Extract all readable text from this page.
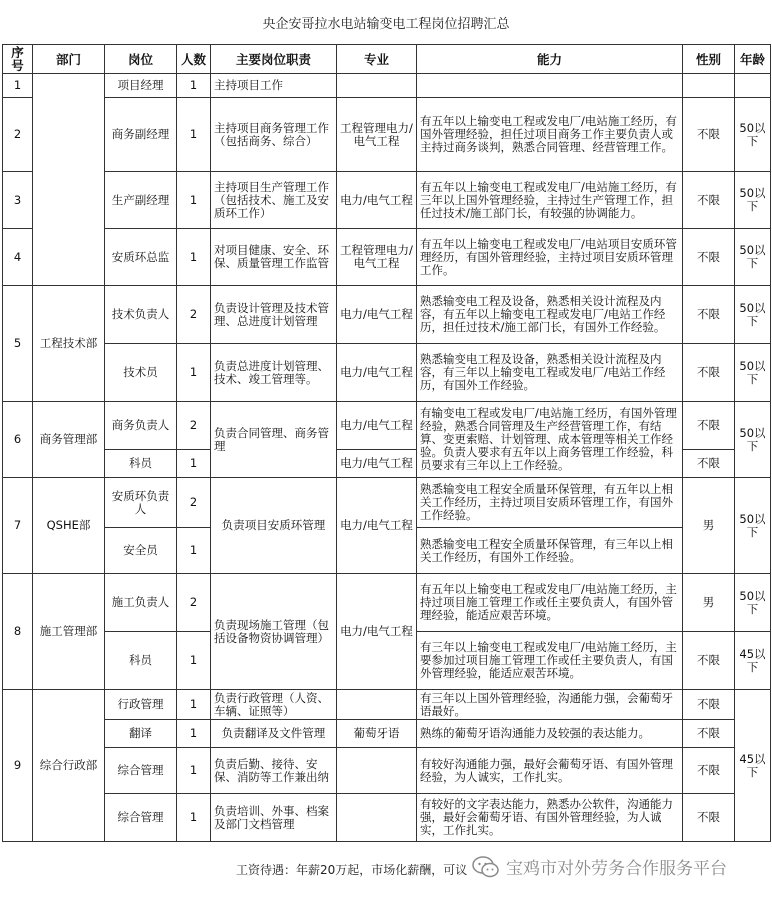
央企安哥拉水电站输变电工程岗位招聘汇总
序号	部门	岗位	人数	主要岗位职责	专业	能力	性别	年龄
1		项目经理	1	主持项目工作				
2		商务副经理	1	主持项目商务管理工作（包括商务、综合）	工程管理电力/电气工程	有五年以上输变电工程或发电厂/电站施工经历，有国外管理经验，担任过项目商务工作主要负责人或主持过商务谈判，熟悉合同管理、经营管理工作。	不限	50以下
3		生产副经理	1	主持项目生产管理工作（包括技术、施工及安质环工作）	电力/电气工程	有五年以上输变电工程或发电厂/电站施工经历，有三年以上国外管理经验，主持过生产管理工作，担任过技术/施工部门长，有较强的协调能力。	不限	50以下
4		安质环总监	1	对项目健康、安全、环保、质量管理工作监管	工程管理电力/电气工程	有五年以上输变电工程或发电厂/电站项目安质环管理经历，有国外管理经验，主持过项目安质环管理工作。	不限	50以下
5	工程技术部	技术负责人	2	负责设计管理及技术管理、总进度计划管理	电力/电气工程	熟悉输变电工程及设备，熟悉相关设计流程及内容，有五年以上输变电工程或发电厂/电站工作经历，担任过技术/施工部门长，有国外工作经验。	不限	50以下
		技术员	1	负责总进度计划管理、技术、竣工管理等。	电力/电气工程	熟悉输变电工程及设备，熟悉相关设计流程及内容，有三年以上输变电工程或发电厂/电站工作经历，有国外工作经验。	不限	50以下
6	商务管理部	商务负责人	2	负责合同管理、商务管理	电力/电气工程	有输变电工程或发电厂/电站施工经历，有国外管理经验，熟悉合同管理及生产经营管理工作，有结算、变更索赔、计划管理、成本管理等相关工作经验。负责人要求有五年以上商务管理工作经验，科员要求有三年以上工作经验。	不限	50以下
		科员	1		电力/电气工程		不限	
7	QSHE部	安质环负责人	2	负责项目安质环管理	电力/电气工程	熟悉输变电工程安全质量环保管理，有五年以上相关工作经历，主持过项目安质环管理工作，有国外工作经验。	男	50以下
		安全员	1			熟悉输变电工程安全质量环保管理，有三年以上相关工作经历，有国外工作经验。		
8	施工管理部	施工负责人	2	负责现场施工管理（包括设备物资协调管理）	电力/电气工程	有五年以上输变电工程或发电厂/电站施工经历，主持过项目施工管理工作或任主要负责人，有国外管理经验，能适应艰苦环境。	男	50以下
		科员	1			有三年以上输变电工程或发电厂/电站施工经历，主要参加过项目施工管理工作或任主要负责人，有国外管理经验，能适应艰苦环境。	不限	45以下
9	综合行政部	行政管理	1	负责行政管理（人资、车辆、证照等）		有三年以上国外管理经验，沟通能力强，会葡萄牙语最好。	不限	45以下
		翻译	1	负责翻译及文件管理	葡萄牙语	熟练的葡萄牙语沟通能力及较强的表达能力。	不限	
		综合管理	1	负责后勤、接待、安保、消防等工作兼出纳		有较好沟通能力强，最好会葡萄牙语、有国外管理经验，为人诚实，工作扎实。	不限	
		综合管理	1	负责培训、外事、档案及部门文档管理		有较好的文字表达能力，熟悉办公软件，沟通能力强，最好会葡萄牙语、有国外管理经验，为人诚实，工作扎实。	不限	
工资待遇：年薪20万起，市场化薪酬，可议 宝鸡市对外劳务合作服务平台
